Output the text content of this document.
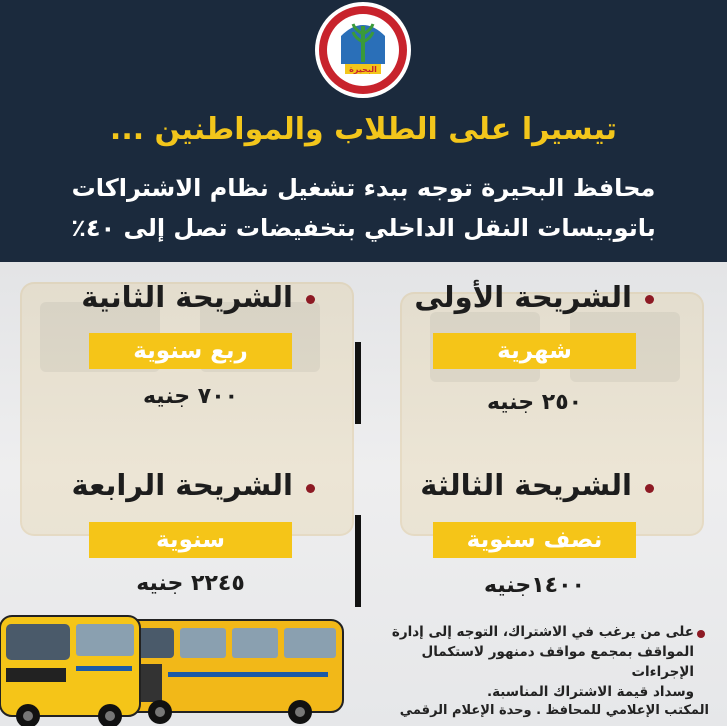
البحيرة
تيسيرا على الطلاب والمواطنين ...
محافظ البحيرة توجه ببدء تشغيل نظام الاشتراكات
باتوبيسات النقل الداخلي بتخفيضات تصل إلى ٤٠٪
الشريحة الأولى
شهرية
٢٥٠ جنيه
الشريحة الثانية
ربع سنوية
٧٠٠ جنيه
الشريحة الثالثة
نصف سنوية
١٤٠٠جنيه
الشريحة الرابعة
سنوية
٢٢٤٥ جنيه
على من يرغب في الاشتراك، التوجه إلى إدارة
المواقف بمجمع مواقف دمنهور لاستكمال الإجراءات
وسداد قيمة الاشتراك المناسبة.
المكتب الإعلامي للمحافظ . وحدة الإعلام الرقمي
